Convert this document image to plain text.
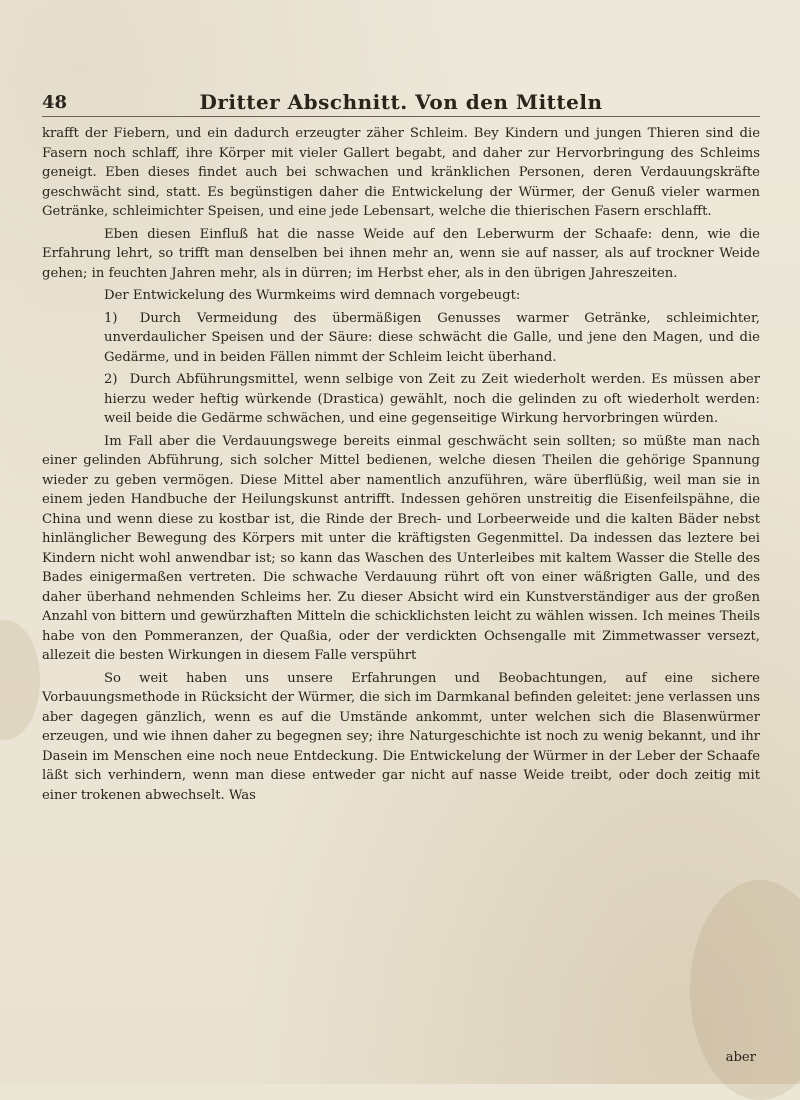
48	Dritter Abschnitt. Von den Mitteln

krafft der Fiebern, und ein dadurch erzeugter zäher Schleim. Bey Kindern und jungen Thieren sind die Fasern noch schlaff, ihre Körper mit vieler Gallert begabt, and daher zur Hervorbringung des Schleims geneigt. Eben dieses findet auch bei schwachen und kränklichen Personen, deren Verdauungskräfte geschwächt sind, statt. Es begünstigen daher die Entwickelung der Würmer, der Genuß vieler warmen Getränke, schleimichter Speisen, und eine jede Lebensart, welche die thierischen Fasern erschlafft.

Eben diesen Einfluß hat die nasse Weide auf den Leberwurm der Schaafe: denn, wie die Erfahrung lehrt, so trifft man denselben bei ihnen mehr an, wenn sie auf nasser, als auf trockner Weide gehen; in feuchten Jahren mehr, als in dürren; im Herbst eher, als in den übrigen Jahreszeiten.

Der Entwickelung des Wurmkeims wird demnach vorgebeugt:

1) Durch Vermeidung des übermäßigen Genusses warmer Getränke, schleimichter, unverdaulicher Speisen und der Säure: diese schwächt die Galle, und jene den Magen, und die Gedärme, und in beiden Fällen nimmt der Schleim leicht überhand.

2) Durch Abführungsmittel, wenn selbige von Zeit zu Zeit wiederholt werden. Es müssen aber hierzu weder heftig würkende (Drastica) gewählt, noch die gelinden zu oft wiederholt werden: weil beide die Gedärme schwächen, und eine gegenseitige Wirkung hervorbringen würden.

Im Fall aber die Verdauungswege bereits einmal geschwächt sein sollten; so müßte man nach einer gelinden Abführung, sich solcher Mittel bedienen, welche diesen Theilen die gehörige Spannung wieder zu geben vermögen. Diese Mittel aber namentlich anzuführen, wäre überflüßig, weil man sie in einem jeden Handbuche der Heilungskunst antrifft. Indessen gehören unstreitig die Eisenfeilspähne, die China und wenn diese zu kostbar ist, die Rinde der Brech- und Lorbeerweide und die kalten Bäder nebst hinlänglicher Bewegung des Körpers mit unter die kräftigsten Gegenmittel. Da indessen das leztere bei Kindern nicht wohl anwendbar ist; so kann das Waschen des Unterleibes mit kaltem Wasser die Stelle des Bades einigermaßen vertreten. Die schwache Verdauung rührt oft von einer wäßrigten Galle, und des daher überhand nehmenden Schleims her. Zu dieser Absicht wird ein Kunstverständiger aus der großen Anzahl von bittern und gewürzhaften Mitteln die schicklichsten leicht zu wählen wissen. Ich meines Theils habe von den Pommeranzen, der Quaßia, oder der verdickten Ochsengalle mit Zimmetwasser versezt, allezeit die besten Wirkungen in diesem Falle verspührt

So weit haben uns unsere Erfahrungen und Beobachtungen, auf eine sichere Vorbauungsmethode in Rücksicht der Würmer, die sich im Darmkanal befinden geleitet: jene verlassen uns aber dagegen gänzlich, wenn es auf die Umstände ankommt, unter welchen sich die Blasenwürmer erzeugen, und wie ihnen daher zu begegnen sey; ihre Naturgeschichte ist noch zu wenig bekannt, und ihr Dasein im Menschen eine noch neue Entdeckung. Die Entwickelung der Würmer in der Leber der Schaafe läßt sich verhindern, wenn man diese entweder gar nicht auf nasse Weide treibt, oder doch zeitig mit einer trokenen abwechselt. Was

aber
